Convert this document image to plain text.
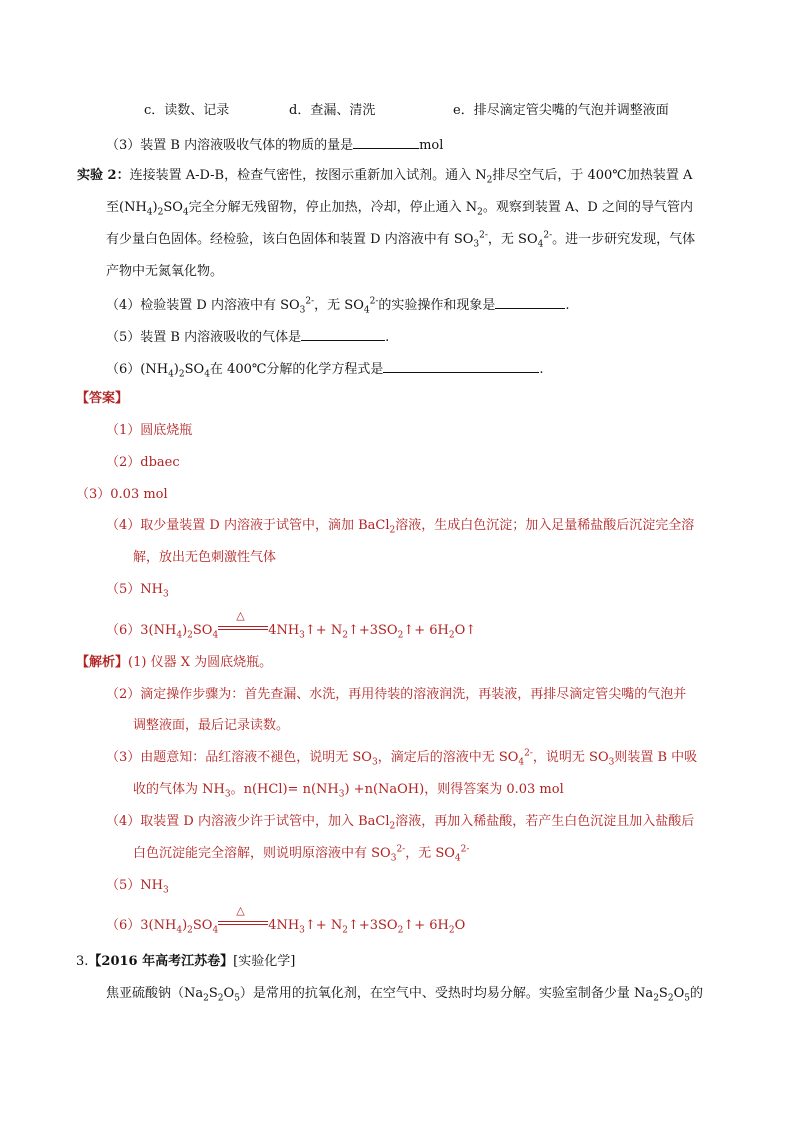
c．读数、记录	d．查漏、清洗	e．排尽滴定管尖嘴的气泡并调整液面
（3）装置 B 内溶液吸收气体的物质的量是	mol
实验 2：连接装置 A-D-B，检查气密性，按图示重新加入试剂。通入 $N_2$排尽空气后，于 400℃加热装置 A
至$(NH_4)_2SO_4$完全分解无残留物，停止加热，冷却，停止通入 $N_2$。观察到装置 A、D 之间的导气管内
有少量白色固体。经检验，该白色固体和装置 D 内溶液中有 $SO_3^{2-}$，无 $SO_4^{2-}$。进一步研究发现，气体
产物中无氮氧化物。
（4）检验装置 D 内溶液中有 $SO_3^{2-}$，无 $SO_4^{2-}$的实验操作和现象是	.
（5）装置 B 内溶液吸收的气体是	.
$(6)(NH_4)_2SO_4$在 400℃分解的化学方程式是	.
【答案】
（1）圆底烧瓶
（2）dbaec
（3）0.03 mol
（4）取少量装置 D 内溶液于试管中，滴加 BaCl$_2$溶液，生成白色沉淀；加入足量稀盐酸后沉淀完全溶
解，放出无色刺激性气体
$(5)NH_3$
$(6)3(NH_4)_2SO_4$
△
$4NH_3↑+$ $N_2↑+3SO_2↑+$ $6H_2O↑$
【解析】(1) 仪器 X 为圆底烧瓶。
（2）滴定操作步骤为：首先查漏、水洗，再用待装的溶液润洗，再装液，再排尽滴定管尖嘴的气泡并
调整液面，最后记录读数。
（3）由题意知：品红溶液不褪色，说明无 $SO_3$，滴定后的溶液中无 $SO_4^{2-}$，说明无 $SO_3$则装置 B 中吸
收的气体为 $NH_3$。$n(HCl)= n(NH_3)$ +n(NaOH)，则得答案为 0.03 mol
（4）取装置 D 内溶液少许于试管中，加入 BaCl$_2$溶液，再加入稀盐酸，若产生白色沉淀且加入盐酸后
白色沉淀能完全溶解，则说明原溶液中有 $SO_3^{2-}$，无 $SO_4^{2-}$
$(5)NH_3$
$(6)3(NH_4)_2SO_4$
△
$4NH_3↑+$ $N_2↑+3SO_2↑+ 6H_2O$
3.【2016 年高考江苏卷】[实验化学]
焦亚硫酸钠$(Na_2S_2O_5)$是常用的抗氧化剂，在空气中、受热时均易分解。实验室制备少量 $Na_2S_2O_5$的
